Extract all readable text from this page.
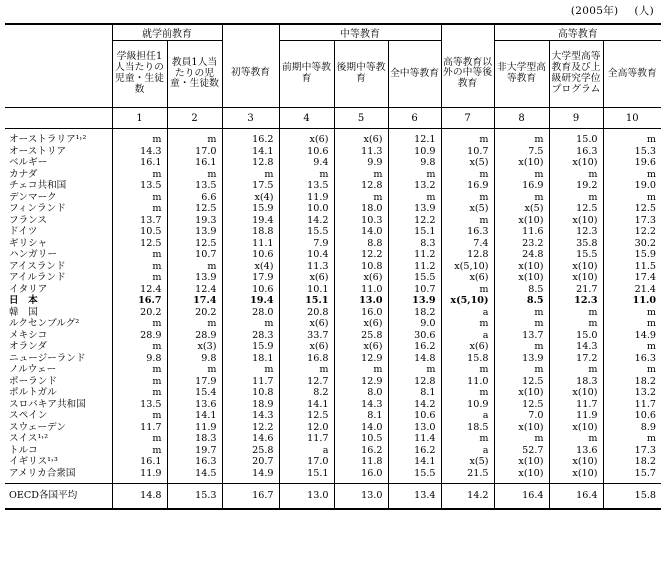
(2005年) (人)
	就学前教育			中等教育				高等教育		
	学級担任1人当たりの児童・生徒数	教員1人当たりの児童・生徒数	初等教育	前期中等教育	後期中等教育	全中等教育	高等教育以外の中等後教育	非大学型高等教育	大学型高等教育及び上級研究学位プログラム	全高等教育
	1	2	3	4	5	6	7	8	9	10
オーストラリア¹˒²	m	m	16.2	x(6)	x(6)	12.1	m	m	15.0	m
オーストリア	14.3	17.0	14.1	10.6	11.3	10.9	10.7	7.5	16.3	15.3
ベルギー	16.1	16.1	12.8	9.4	9.9	9.8	x(5)	x(10)	x(10)	19.6
カナダ	m	m	m	m	m	m	m	m	m	m
チェコ共和国	13.5	13.5	17.5	13.5	12.8	13.2	16.9	16.9	19.2	19.0
デンマーク	m	6.6	x(4)	11.9	m	m	m	m	m	m
フィンランド	m	12.5	15.9	10.0	18.0	13.9	x(5)	x(5)	12.5	12.5
フランス	13.7	19.3	19.4	14.2	10.3	12.2	m	x(10)	x(10)	17.3
ドイツ	10.5	13.9	18.8	15.5	14.0	15.1	16.3	11.6	12.3	12.2
ギリシャ	12.5	12.5	11.1	7.9	8.8	8.3	7.4	23.2	35.8	30.2
ハンガリー	m	10.7	10.6	10.4	12.2	11.2	12.8	24.8	15.5	15.9
アイスランド	m	m	x(4)	11.3	10.8	11.2	x(5,10)	x(10)	x(10)	11.5
アイルランド	m	13.9	17.9	x(6)	x(6)	15.5	x(6)	x(10)	x(10)	17.4
イタリア	12.4	12.4	10.6	10.1	11.0	10.7	m	8.5	21.7	21.4
日　本	16.7	17.4	19.4	15.1	13.0	13.9	x(5,10)	8.5	12.3	11.0
韓　国	20.2	20.2	28.0	20.8	16.0	18.2	a	m	m	m
ルクセンブルグ²	m	m	m	x(6)	x(6)	9.0	m	m	m	m
メキシコ	28.9	28.9	28.3	33.7	25.8	30.6	a	13.7	15.0	14.9
オランダ	m	x(3)	15.9	x(6)	x(6)	16.2	x(6)	m	14.3	m
ニュージーランド	9.8	9.8	18.1	16.8	12.9	14.8	15.8	13.9	17.2	16.3
ノルウェー	m	m	m	m	m	m	m	m	m	m
ポーランド	m	17.9	11.7	12.7	12.9	12.8	11.0	12.5	18.3	18.2
ポルトガル	m	15.4	10.8	8.2	8.0	8.1	m	x(10)	x(10)	13.2
スロバキア共和国	13.5	13.6	18.9	14.1	14.3	14.2	10.9	12.5	11.7	11.7
スペイン	m	14.1	14.3	12.5	8.1	10.6	a	7.0	11.9	10.6
スウェーデン	11.7	11.9	12.2	12.0	14.0	13.0	18.5	x(10)	x(10)	8.9
スイス¹˒²	m	18.3	14.6	11.7	10.5	11.4	m	m	m	m
トルコ	m	19.7	25.8	a	16.2	16.2	a	52.7	13.6	17.3
イギリス¹˒³	16.1	16.3	20.7	17.0	11.8	14.1	x(5)	x(10)	x(10)	18.2
アメリカ合衆国	11.9	14.5	14.9	15.1	16.0	15.5	21.5	x(10)	x(10)	15.7
OECD各国平均	14.8	15.3	16.7	13.0	13.0	13.4	14.2	16.4	16.4	15.8
